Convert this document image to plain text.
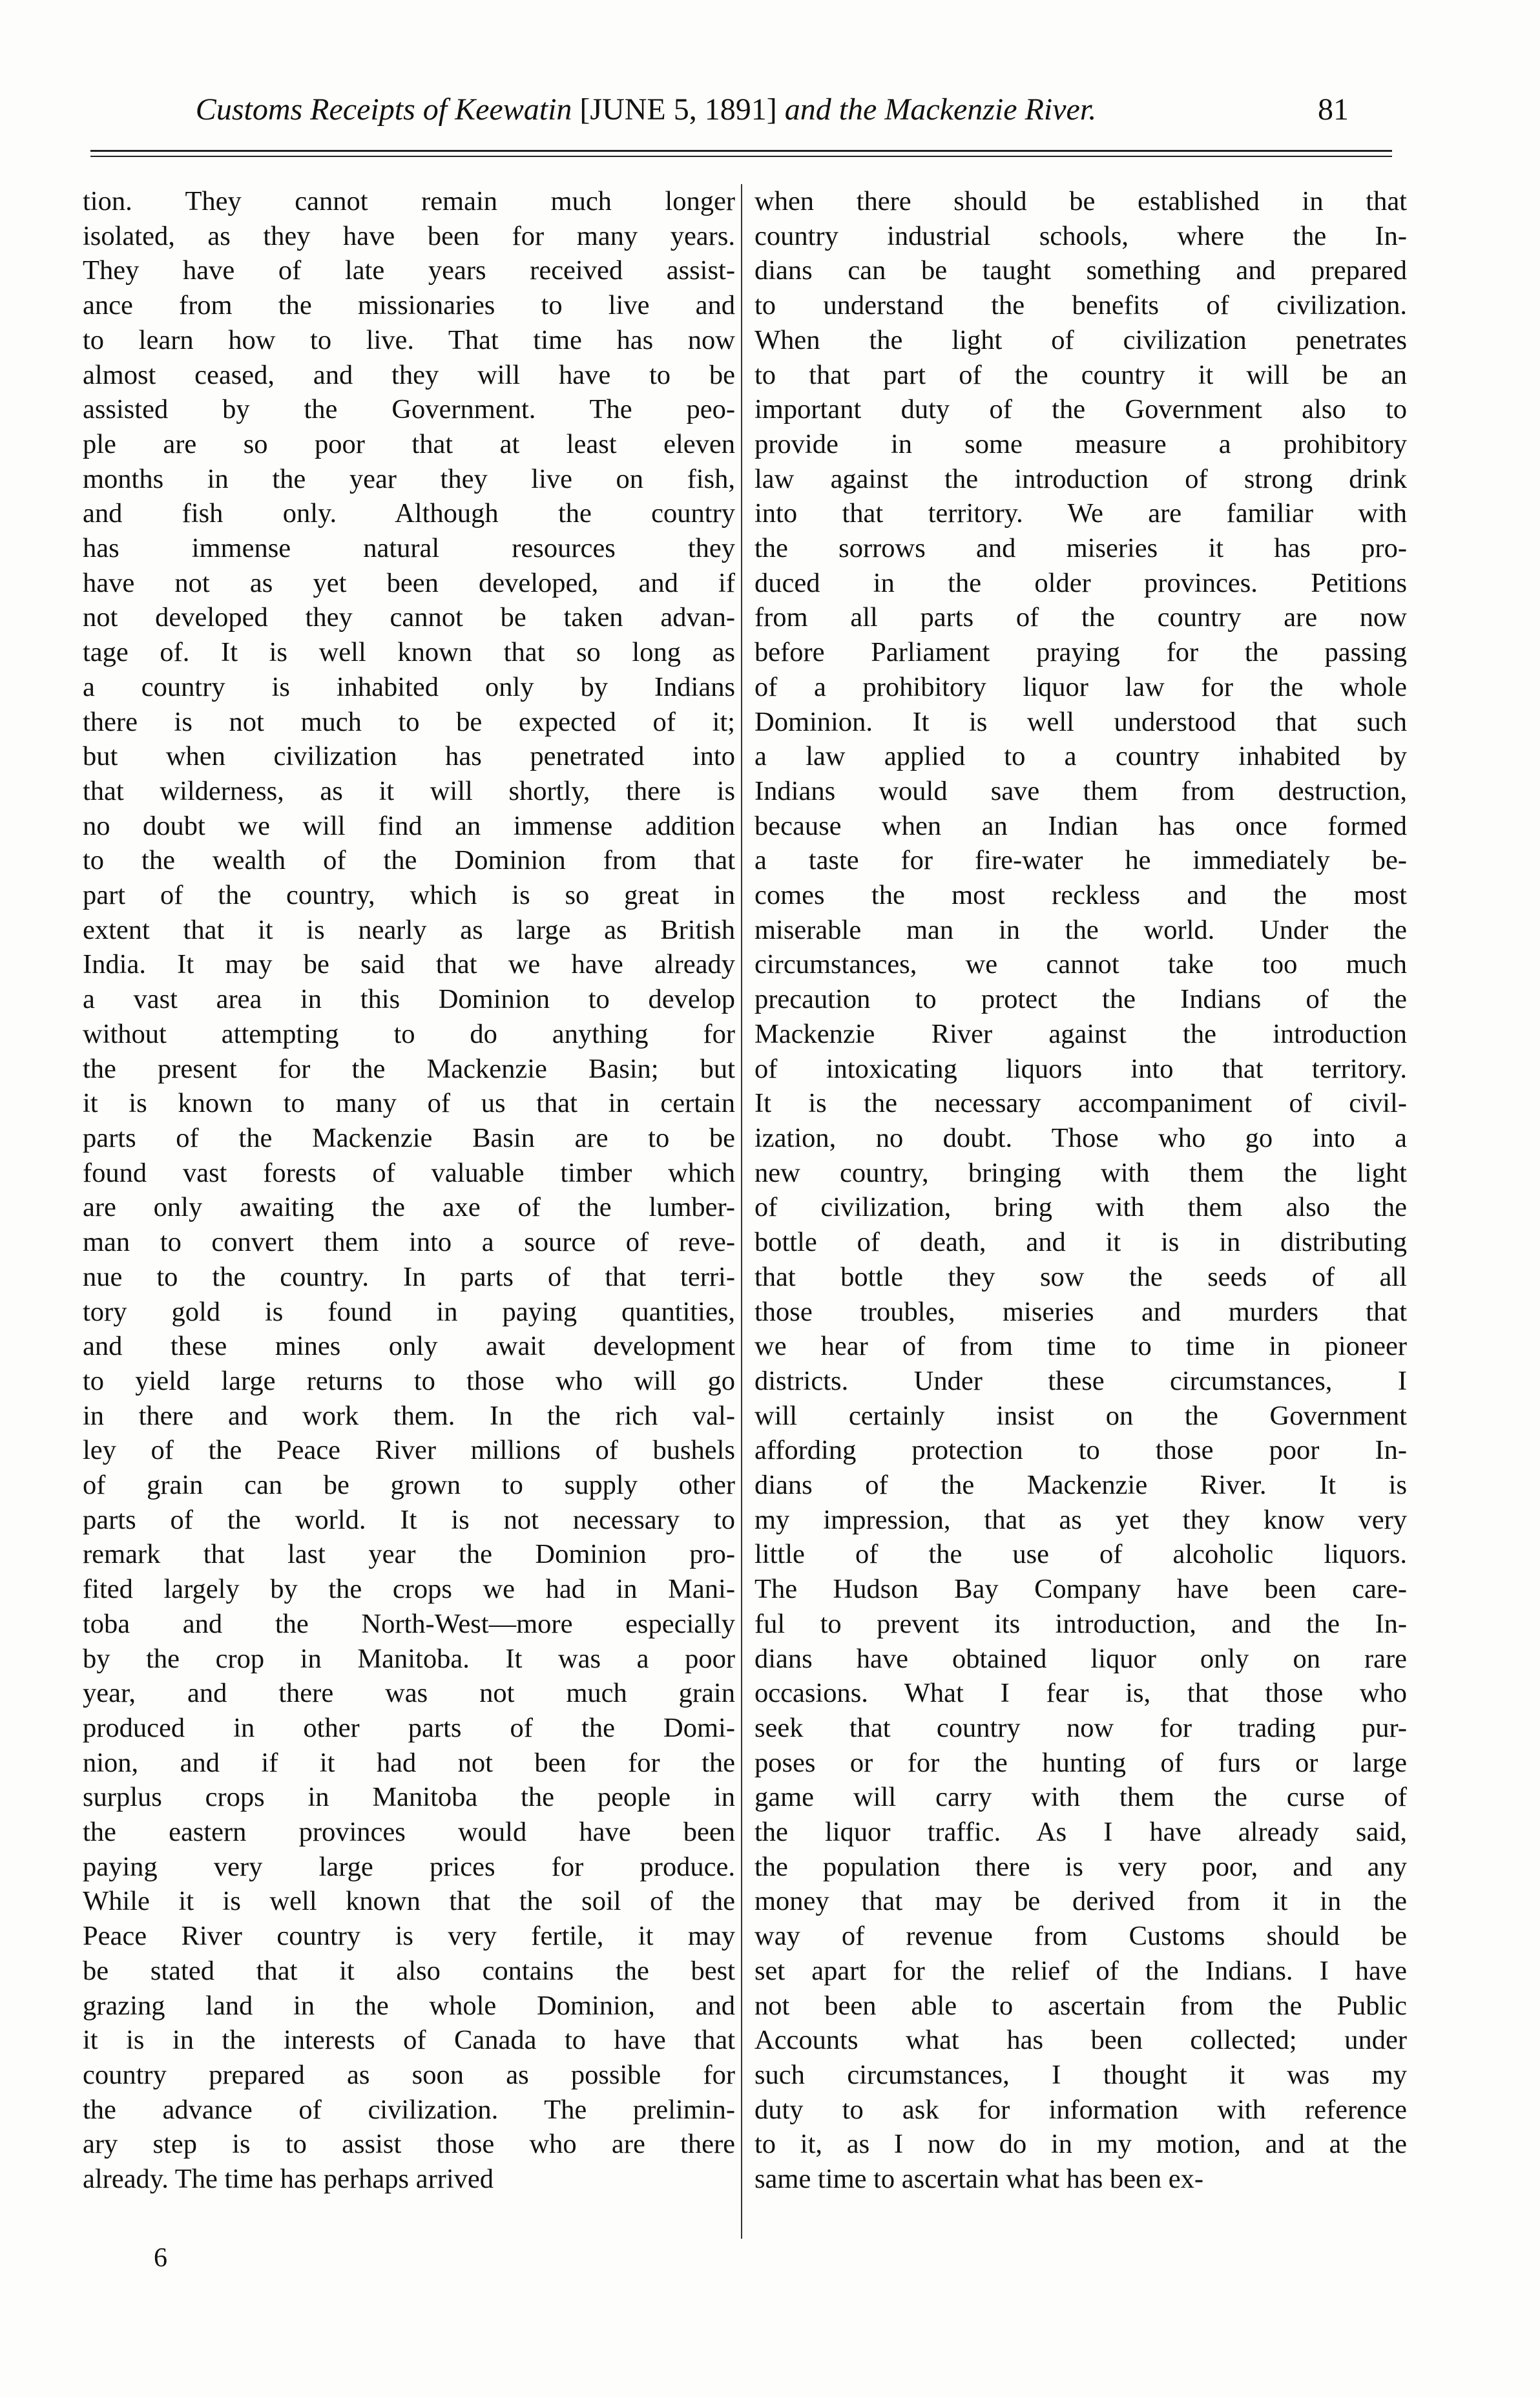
Customs Receipts of Keewatin [JUNE 5, 1891] and the Mackenzie River.	81
tion. They cannot remain much longer
isolated, as they have been for many years.
They have of late years received assist-
ance from the missionaries to live and
to learn how to live. That time has now
almost ceased, and they will have to be
assisted by the Government. The peo-
ple are so poor that at least eleven
months in the year they live on fish,
and fish only. Although the country
has immense natural resources they
have not as yet been developed, and if
not developed they cannot be taken advan-
tage of. It is well known that so long as
a country is inhabited only by Indians
there is not much to be expected of it;
but when civilization has penetrated into
that wilderness, as it will shortly, there is
no doubt we will find an immense addition
to the wealth of the Dominion from that
part of the country, which is so great in
extent that it is nearly as large as British
India. It may be said that we have already
a vast area in this Dominion to develop
without attempting to do anything for
the present for the Mackenzie Basin; but
it is known to many of us that in certain
parts of the Mackenzie Basin are to be
found vast forests of valuable timber which
are only awaiting the axe of the lumber-
man to convert them into a source of reve-
nue to the country. In parts of that terri-
tory gold is found in paying quantities,
and these mines only await development
to yield large returns to those who will go
in there and work them. In the rich val-
ley of the Peace River millions of bushels
of grain can be grown to supply other
parts of the world. It is not necessary to
remark that last year the Dominion pro-
fited largely by the crops we had in Mani-
toba and the North-West—more especially
by the crop in Manitoba. It was a poor
year, and there was not much grain
produced in other parts of the Domi-
nion, and if it had not been for the
surplus crops in Manitoba the people in
the eastern provinces would have been
paying very large prices for produce.
While it is well known that the soil of the
Peace River country is very fertile, it may
be stated that it also contains the best
grazing land in the whole Dominion, and
it is in the interests of Canada to have that
country prepared as soon as possible for
the advance of civilization. The prelimin-
ary step is to assist those who are there
already. The time has perhaps arrived
when there should be established in that
country industrial schools, where the In-
dians can be taught something and prepared
to understand the benefits of civilization.
When the light of civilization penetrates
to that part of the country it will be an
important duty of the Government also to
provide in some measure a prohibitory
law against the introduction of strong drink
into that territory. We are familiar with
the sorrows and miseries it has pro-
duced in the older provinces. Petitions
from all parts of the country are now
before Parliament praying for the passing
of a prohibitory liquor law for the whole
Dominion. It is well understood that such
a law applied to a country inhabited by
Indians would save them from destruction,
because when an Indian has once formed
a taste for fire-water he immediately be-
comes the most reckless and the most
miserable man in the world. Under the
circumstances, we cannot take too much
precaution to protect the Indians of the
Mackenzie River against the introduction
of intoxicating liquors into that territory.
It is the necessary accompaniment of civil-
ization, no doubt. Those who go into a
new country, bringing with them the light
of civilization, bring with them also the
bottle of death, and it is in distributing
that bottle they sow the seeds of all
those troubles, miseries and murders that
we hear of from time to time in pioneer
districts. Under these circumstances, I
will certainly insist on the Government
affording protection to those poor In-
dians of the Mackenzie River. It is
my impression, that as yet they know very
little of the use of alcoholic liquors.
The Hudson Bay Company have been care-
ful to prevent its introduction, and the In-
dians have obtained liquor only on rare
occasions. What I fear is, that those who
seek that country now for trading pur-
poses or for the hunting of furs or large
game will carry with them the curse of
the liquor traffic. As I have already said,
the population there is very poor, and any
money that may be derived from it in the
way of revenue from Customs should be
set apart for the relief of the Indians. I have
not been able to ascertain from the Public
Accounts what has been collected; under
such circumstances, I thought it was my
duty to ask for information with reference
to it, as I now do in my motion, and at the
same time to ascertain what has been ex-
6
